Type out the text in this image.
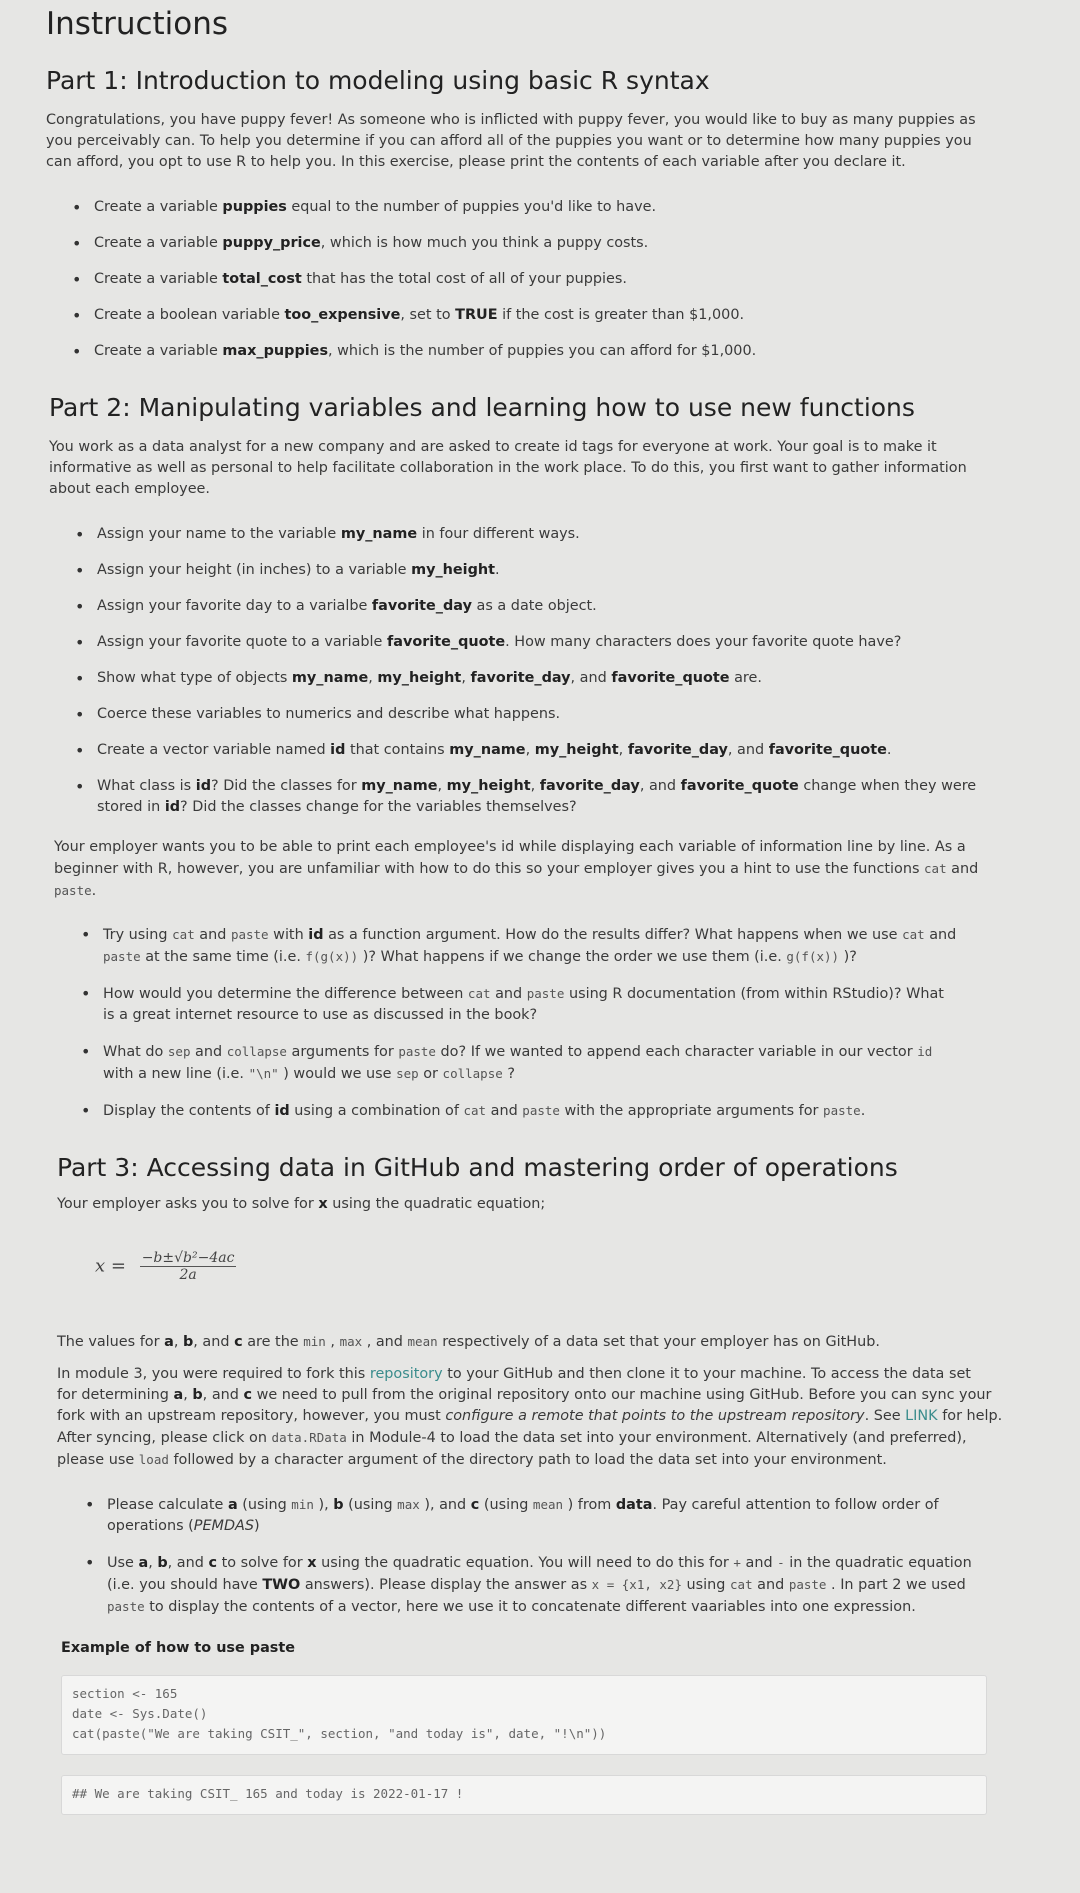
Instructions
Part 1: Introduction to modeling using basic R syntax
Congratulations, you have puppy fever! As someone who is inflicted with puppy fever, you would like to buy as many puppies as
you perceivably can. To help you determine if you can afford all of the puppies you want or to determine how many puppies you
can afford, you opt to use R to help you. In this exercise, please print the contents of each variable after you declare it.
• Create a variable puppies equal to the number of puppies you'd like to have.
• Create a variable puppy_price, which is how much you think a puppy costs.
• Create a variable total_cost that has the total cost of all of your puppies.
• Create a boolean variable too_expensive, set to TRUE if the cost is greater than $1,000.
• Create a variable max_puppies, which is the number of puppies you can afford for $1,000.
Part 2: Manipulating variables and learning how to use new functions
You work as a data analyst for a new company and are asked to create id tags for everyone at work. Your goal is to make it
informative as well as personal to help facilitate collaboration in the work place. To do this, you first want to gather information
about each employee.
• Assign your name to the variable my_name in four different ways.
• Assign your height (in inches) to a variable my_height.
• Assign your favorite day to a varialbe favorite_day as a date object.
• Assign your favorite quote to a variable favorite_quote. How many characters does your favorite quote have?
• Show what type of objects my_name, my_height, favorite_day, and favorite_quote are.
• Coerce these variables to numerics and describe what happens.
• Create a vector variable named id that contains my_name, my_height, favorite_day, and favorite_quote.
• What class is id? Did the classes for my_name, my_height, favorite_day, and favorite_quote change when they were
stored in id? Did the classes change for the variables themselves?
Your employer wants you to be able to print each employee's id while displaying each variable of information line by line. As a
beginner with R, however, you are unfamiliar with how to do this so your employer gives you a hint to use the functions cat and
paste.
• Try using cat and paste with id as a function argument. How do the results differ? What happens when we use cat and
paste at the same time (i.e. f(g(x)) )? What happens if we change the order we use them (i.e. g(f(x)) )?
• How would you determine the difference between cat and paste using R documentation (from within RStudio)? What
is a great internet resource to use as discussed in the book?
• What do sep and collapse arguments for paste do? If we wanted to append each character variable in our vector id
with a new line (i.e. "\n" ) would we use sep or collapse ?
• Display the contents of id using a combination of cat and paste with the appropriate arguments for paste.
Part 3: Accessing data in GitHub and mastering order of operations
Your employer asks you to solve for x using the quadratic equation;
$x = \frac{\text{−b±√b²−4ac}}{2a}$
The values for a, b, and c are the min , max , and mean respectively of a data set that your employer has on GitHub.
In module 3, you were required to fork this repository to your GitHub and then clone it to your machine. To access the data set
for determining a, b, and c we need to pull from the original repository onto our machine using GitHub. Before you can sync your
fork with an upstream repository, however, you must configure a remote that points to the upstream repository. See LINK for help.
After syncing, please click on data.RData in Module-4 to load the data set into your environment. Alternatively (and preferred),
please use load followed by a character argument of the directory path to load the data set into your environment.
• Please calculate a (using min ), b (using max ), and c (using mean ) from data. Pay careful attention to follow order of
operations (PEMDAS)
• Use a, b, and c to solve for x using the quadratic equation. You will need to do this for + and - in the quadratic equation
(i.e. you should have TWO answers). Please display the answer as x = {x1, x2} using cat and paste . In part 2 we used
paste to display the contents of a vector, here we use it to concatenate different vaariables into one expression.
Example of how to use paste
section <- 165
date <- Sys.Date()
cat(paste("We are taking CSIT_", section, "and today is", date, "!\n"))
## We are taking CSIT_ 165 and today is 2022-01-17 !
